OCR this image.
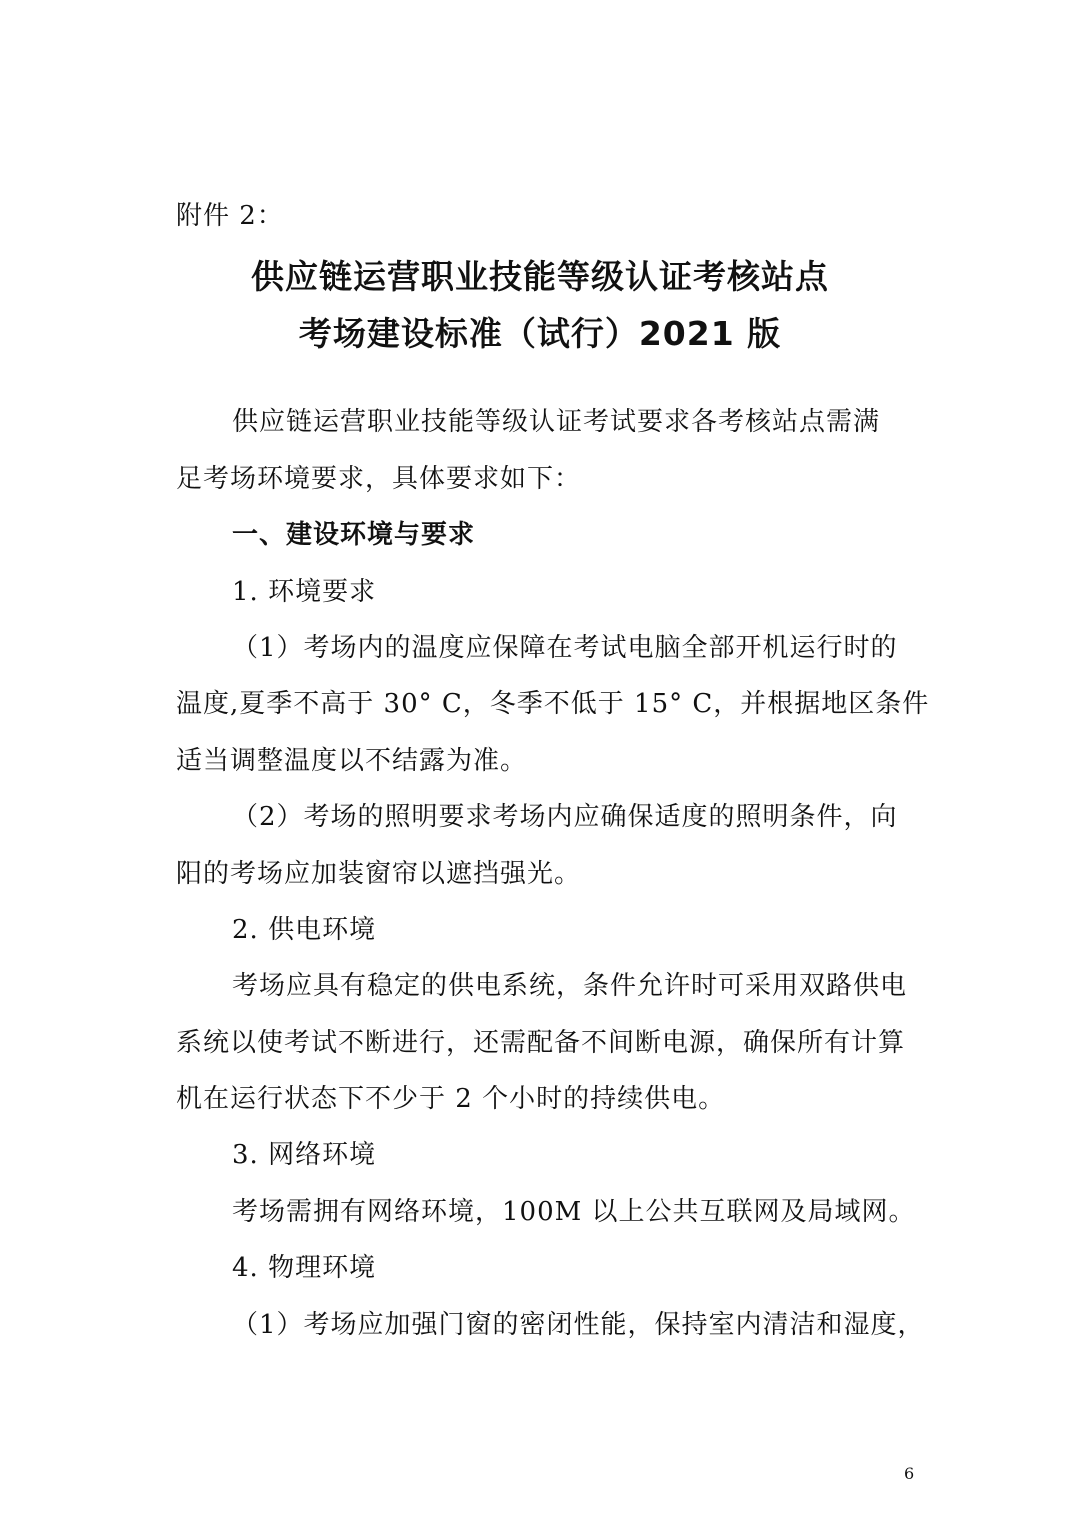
附件 2：
供应链运营职业技能等级认证考核站点
考场建设标准（试行）2021 版
供应链运营职业技能等级认证考试要求各考核站点需满
足考场环境要求，具体要求如下：
一、建设环境与要求
1. 环境要求
（1）考场内的温度应保障在考试电脑全部开机运行时的
温度,夏季不高于 30° C，冬季不低于 15° C，并根据地区条件
适当调整温度以不结露为准。
（2）考场的照明要求考场内应确保适度的照明条件，向
阳的考场应加装窗帘以遮挡强光。
2. 供电环境
考场应具有稳定的供电系统，条件允许时可采用双路供电
系统以使考试不断进行，还需配备不间断电源，确保所有计算
机在运行状态下不少于 2 个小时的持续供电。
3. 网络环境
考场需拥有网络环境，100M 以上公共互联网及局域网。
4. 物理环境
（1）考场应加强门窗的密闭性能，保持室内清洁和湿度，
6
